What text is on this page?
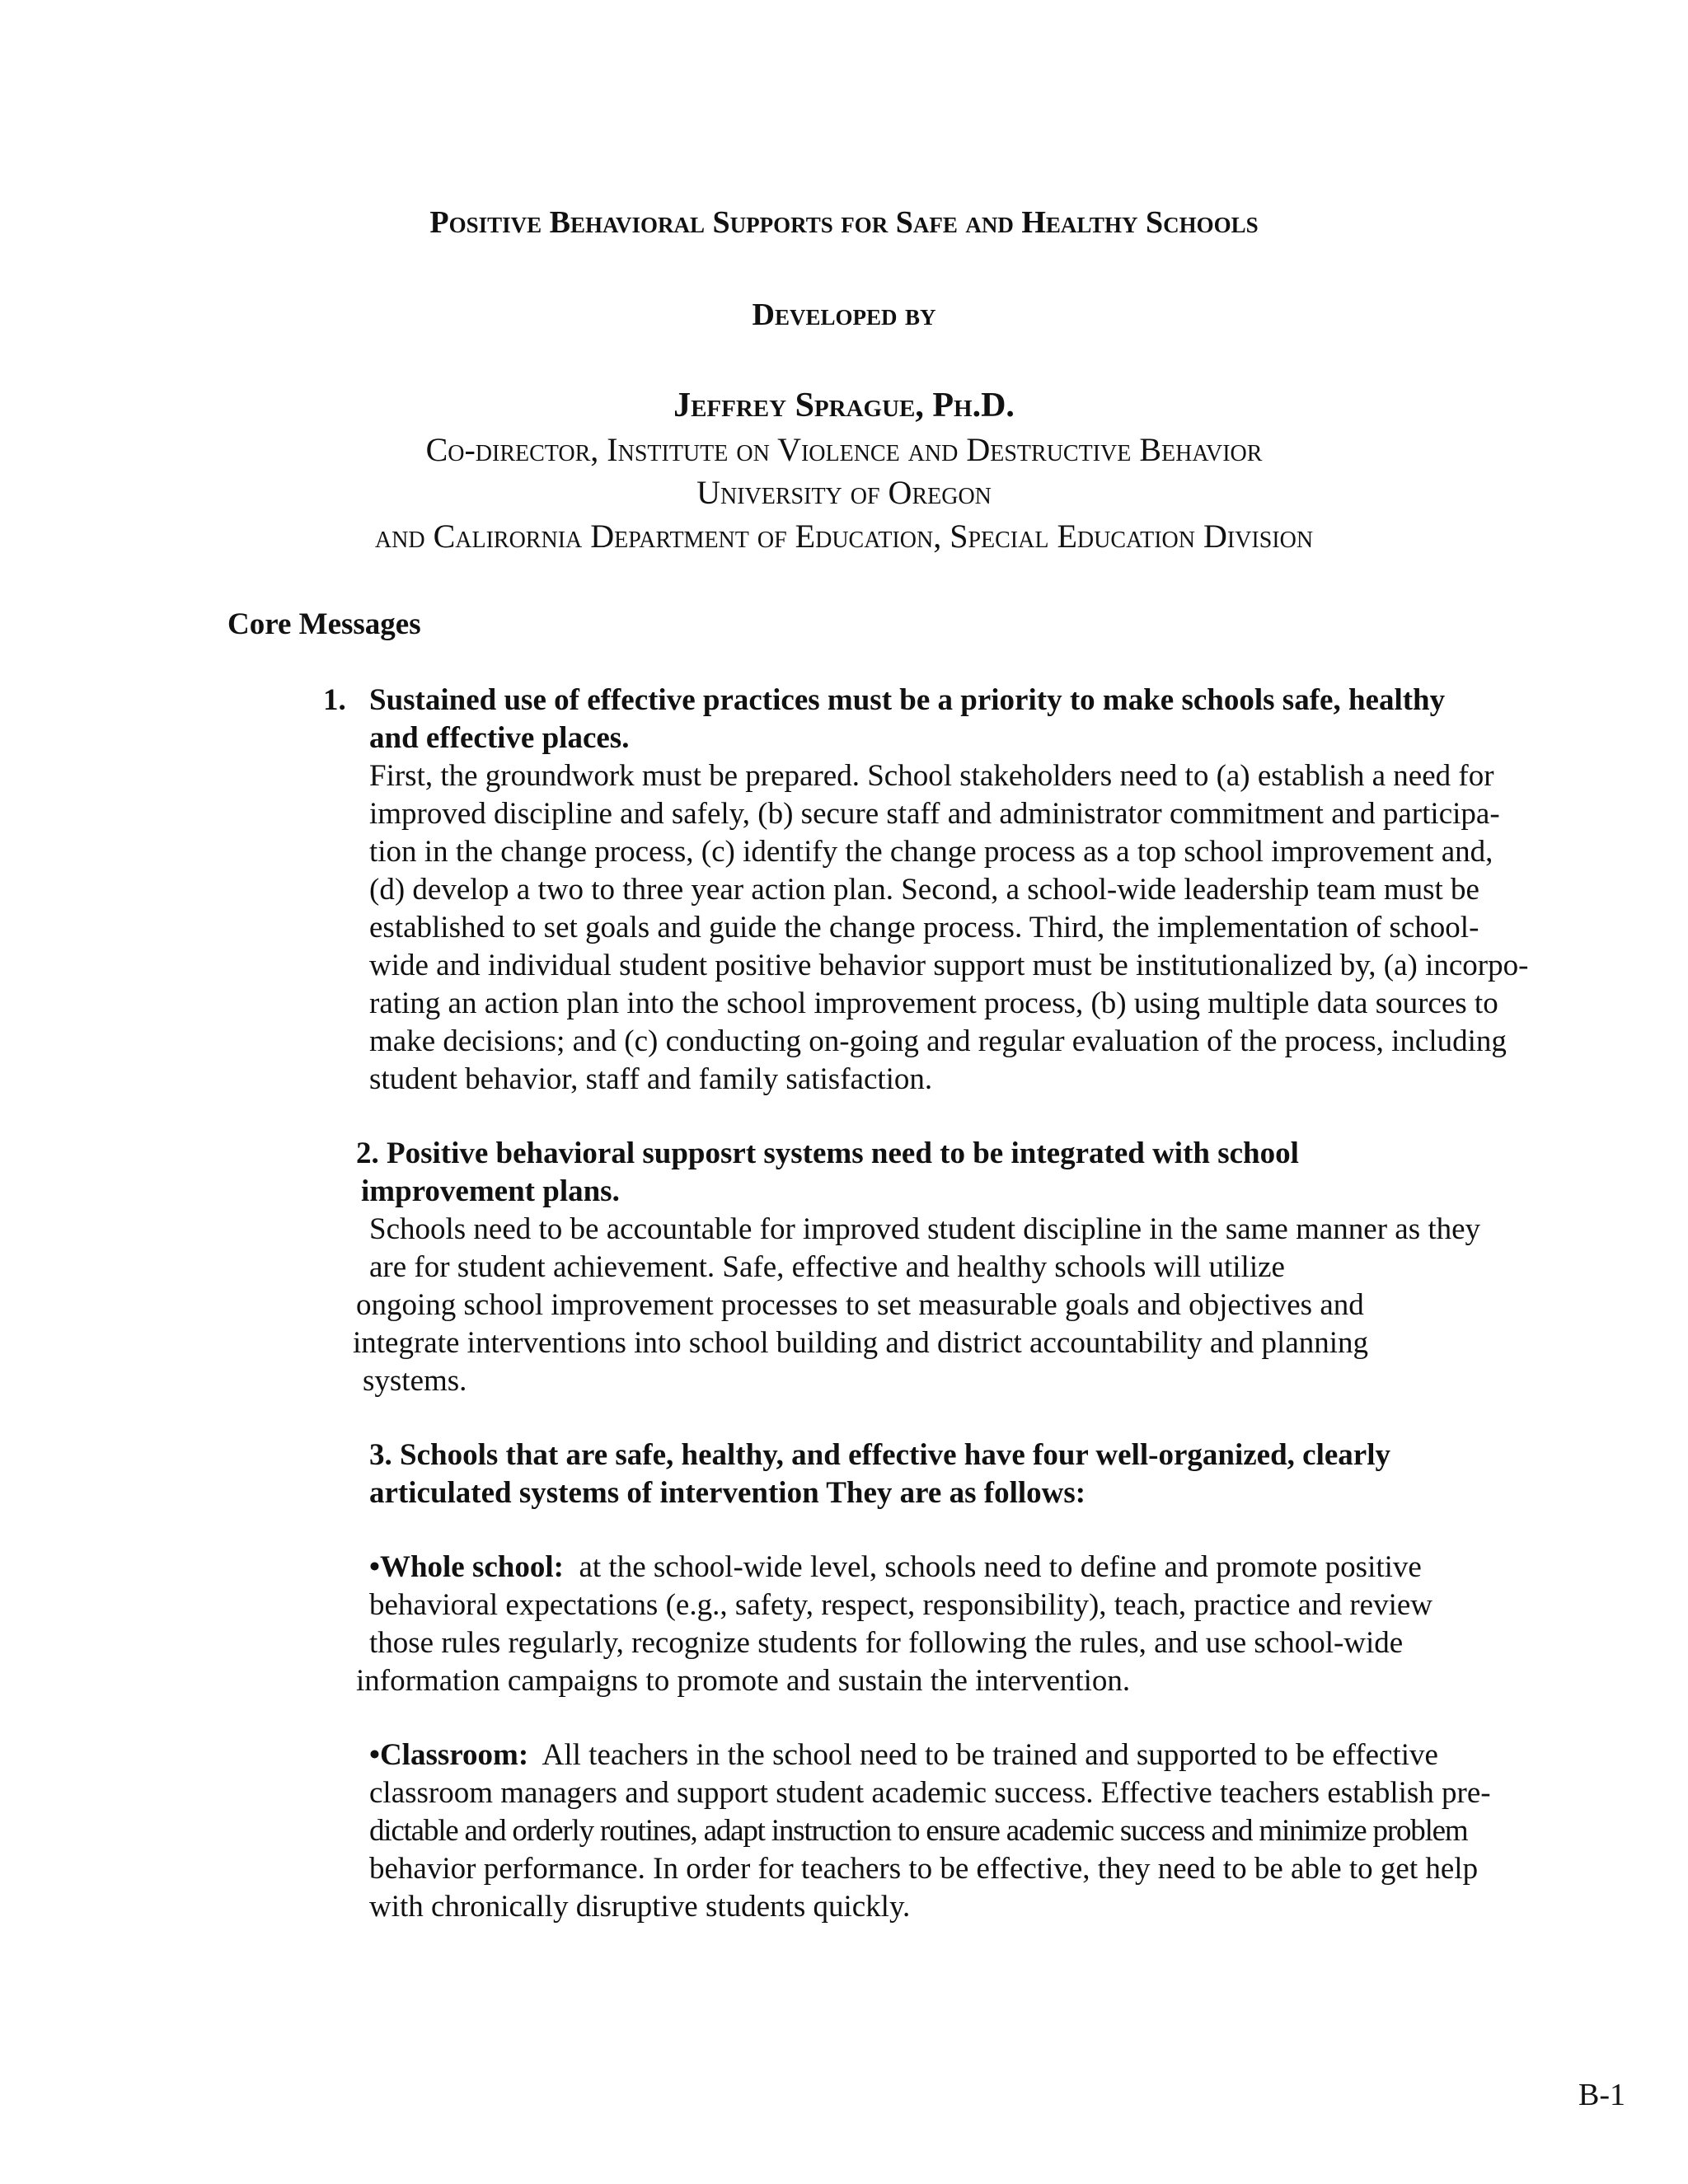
Positive Behavioral Supports for Safe and Healthy Schools
Developed by
Jeffrey Sprague, Ph.D.
Co-director, Institute on Violence and Destructive Behavior
University of Oregon
and Calirornia Department of Education, Special Education Division
Core Messages
1. Sustained use of effective practices must be a priority to make schools safe, healthy
and effective places.
First, the groundwork must be prepared. School stakeholders need to (a) establish a need for
improved discipline and safely, (b) secure staff and administrator commitment and participa-
tion in the change process, (c) identify the change process as a top school improvement and,
(d) develop a two to three year action plan. Second, a school-wide leadership team must be
established to set goals and guide the change process. Third, the implementation of school-
wide and individual student positive behavior support must be institutionalized by, (a) incorpo-
rating an action plan into the school improvement process, (b) using multiple data sources to
make decisions; and (c) conducting on-going and regular evaluation of the process, including
student behavior, staff and family satisfaction.
2. Positive behavioral supposrt systems need to be integrated with school
improvement plans.
Schools need to be accountable for improved student discipline in the same manner as they
are for student achievement. Safe, effective and healthy schools will utilize
ongoing school improvement processes to set measurable goals and objectives and
integrate interventions into school building and district accountability and planning
systems.
3. Schools that are safe, healthy, and effective have four well-organized, clearly
articulated systems of intervention They are as follows:
•Whole school:  at the school-wide level, schools need to define and promote positive
behavioral expectations (e.g., safety, respect, responsibility), teach, practice and review
those rules regularly, recognize students for following the rules, and use school-wide
information campaigns to promote and sustain the intervention.
•Classroom:  All teachers in the school need to be trained and supported to be effective
classroom managers and support student academic success. Effective teachers establish pre-
dictable and orderly routines, adapt instruction to ensure academic success and minimize problem
behavior performance. In order for teachers to be effective, they need to be able to get help
with chronically disruptive students quickly.
B-1
